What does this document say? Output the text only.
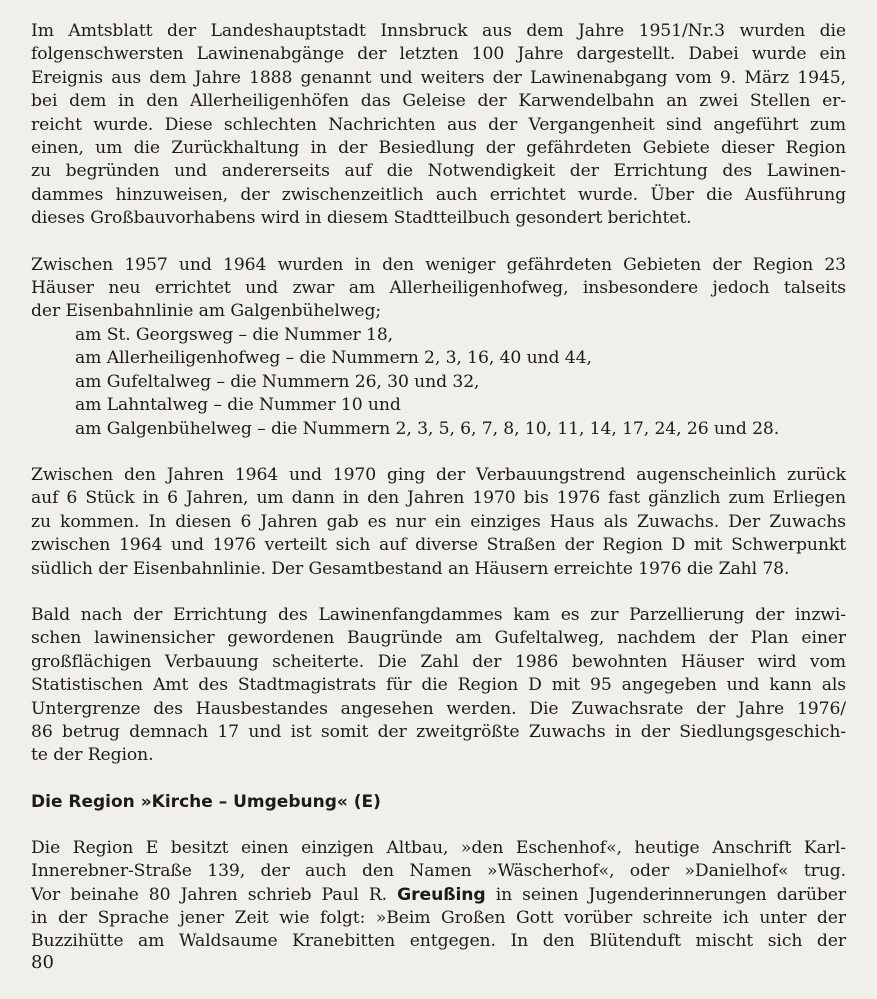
Im Amtsblatt der Landeshauptstadt Innsbruck aus dem Jahre 1951/Nr.3 wurden die
folgenschwersten Lawinenabgänge der letzten 100 Jahre dargestellt. Dabei wurde ein
Ereignis aus dem Jahre 1888 genannt und weiters der Lawinenabgang vom 9. März 1945,
bei dem in den Allerheiligenhöfen das Geleise der Karwendelbahn an zwei Stellen er-
reicht wurde. Diese schlechten Nachrichten aus der Vergangenheit sind angeführt zum
einen, um die Zurückhaltung in der Besiedlung der gefährdeten Gebiete dieser Region
zu begründen und andererseits auf die Notwendigkeit der Errichtung des Lawinen-
dammes hinzuweisen, der zwischenzeitlich auch errichtet wurde. Über die Ausführung
dieses Großbauvorhabens wird in diesem Stadtteilbuch gesondert berichtet.

Zwischen 1957 und 1964 wurden in den weniger gefährdeten Gebieten der Region 23
Häuser neu errichtet und zwar am Allerheiligenhofweg, insbesondere jedoch talseits
der Eisenbahnlinie am Galgenbühelweg;
am St. Georgsweg – die Nummer 18,
am Allerheiligenhofweg – die Nummern 2, 3, 16, 40 und 44,
am Gufeltalweg – die Nummern 26, 30 und 32,
am Lahntalweg – die Nummer 10 und
am Galgenbühelweg – die Nummern 2, 3, 5, 6, 7, 8, 10, 11, 14, 17, 24, 26 und 28.

Zwischen den Jahren 1964 und 1970 ging der Verbauungstrend augenscheinlich zurück
auf 6 Stück in 6 Jahren, um dann in den Jahren 1970 bis 1976 fast gänzlich zum Erliegen
zu kommen. In diesen 6 Jahren gab es nur ein einziges Haus als Zuwachs. Der Zuwachs
zwischen 1964 und 1976 verteilt sich auf diverse Straßen der Region D mit Schwerpunkt
südlich der Eisenbahnlinie. Der Gesamtbestand an Häusern erreichte 1976 die Zahl 78.

Bald nach der Errichtung des Lawinenfangdammes kam es zur Parzellierung der inzwi-
schen lawinensicher gewordenen Baugründe am Gufeltalweg, nachdem der Plan einer
großflächigen Verbauung scheiterte. Die Zahl der 1986 bewohnten Häuser wird vom
Statistischen Amt des Stadtmagistrats für die Region D mit 95 angegeben und kann als
Untergrenze des Hausbestandes angesehen werden. Die Zuwachsrate der Jahre 1976/
86 betrug demnach 17 und ist somit der zweitgrößte Zuwachs in der Siedlungsgeschich-
te der Region.

Die Region »Kirche – Umgebung« (E)

Die Region E besitzt einen einzigen Altbau, »den Eschenhof«, heutige Anschrift Karl-
Innerebner-Straße 139, der auch den Namen »Wäscherhof«, oder »Danielhof« trug.
Vor beinahe 80 Jahren schrieb Paul R. Greußing in seinen Jugenderinnerungen darüber
in der Sprache jener Zeit wie folgt: »Beim Großen Gott vorüber schreite ich unter der
Buzzihütte am Waldsaume Kranebitten entgegen. In den Blütenduft mischt sich der

80
